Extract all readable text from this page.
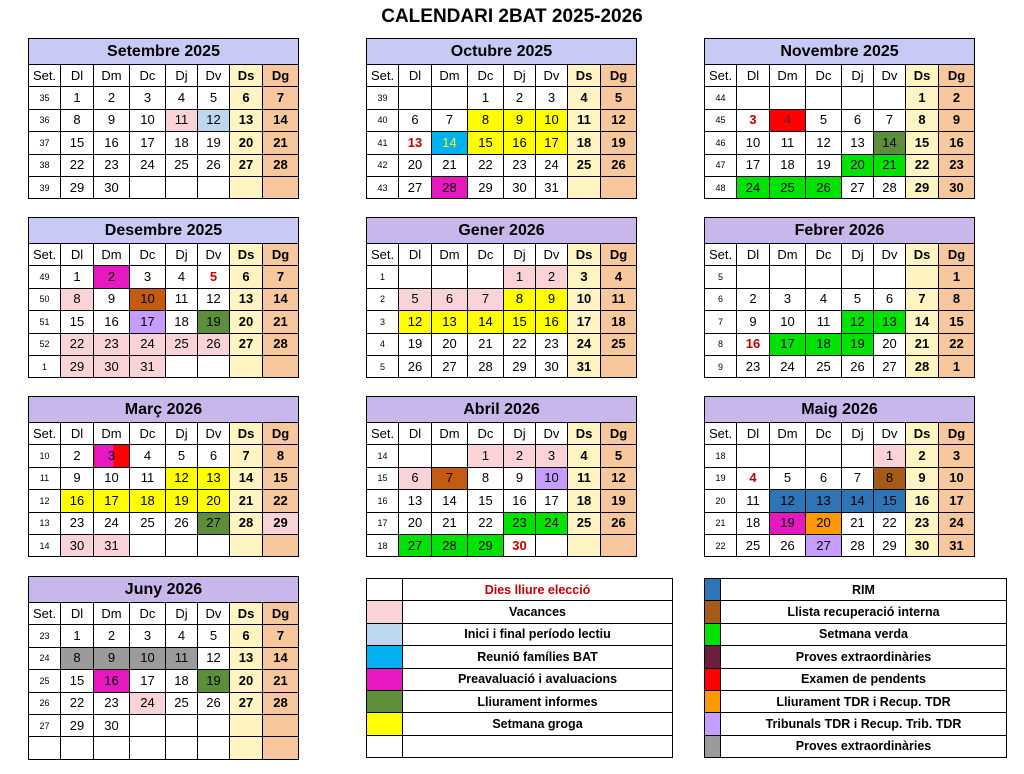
CALENDARI 2BAT 2025-2026
Setembre 2025							
Set.	Dl	Dm	Dc	Dj	Dv	Ds	Dg
35	1	2	3	4	5	6	7
36	8	9	10	11	12	13	14
37	15	16	17	18	19	20	21
38	22	23	24	25	26	27	28
39	29	30					
Octubre 2025							
Set.	Dl	Dm	Dc	Dj	Dv	Ds	Dg
39			1	2	3	4	5
40	6	7	8	9	10	11	12
41	13	14	15	16	17	18	19
42	20	21	22	23	24	25	26
43	27	28	29	30	31		
Novembre 2025							
Set.	Dl	Dm	Dc	Dj	Dv	Ds	Dg
44						1	2
45	3	4	5	6	7	8	9
46	10	11	12	13	14	15	16
47	17	18	19	20	21	22	23
48	24	25	26	27	28	29	30
Desembre 2025							
Set.	Dl	Dm	Dc	Dj	Dv	Ds	Dg
49	1	2	3	4	5	6	7
50	8	9	10	11	12	13	14
51	15	16	17	18	19	20	21
52	22	23	24	25	26	27	28
1	29	30	31				
Gener 2026							
Set.	Dl	Dm	Dc	Dj	Dv	Ds	Dg
1				1	2	3	4
2	5	6	7	8	9	10	11
3	12	13	14	15	16	17	18
4	19	20	21	22	23	24	25
5	26	27	28	29	30	31	
Febrer 2026							
Set.	Dl	Dm	Dc	Dj	Dv	Ds	Dg
5							1
6	2	3	4	5	6	7	8
7	9	10	11	12	13	14	15
8	16	17	18	19	20	21	22
9	23	24	25	26	27	28	1
Març 2026							
Set.	Dl	Dm	Dc	Dj	Dv	Ds	Dg
10	2	3	4	5	6	7	8
11	9	10	11	12	13	14	15
12	16	17	18	19	20	21	22
13	23	24	25	26	27	28	29
14	30	31					
Abril 2026							
Set.	Dl	Dm	Dc	Dj	Dv	Ds	Dg
14			1	2	3	4	5
15	6	7	8	9	10	11	12
16	13	14	15	16	17	18	19
17	20	21	22	23	24	25	26
18	27	28	29	30			
Maig 2026							
Set.	Dl	Dm	Dc	Dj	Dv	Ds	Dg
18					1	2	3
19	4	5	6	7	8	9	10
20	11	12	13	14	15	16	17
21	18	19	20	21	22	23	24
22	25	26	27	28	29	30	31
Juny 2026							
Set.	Dl	Dm	Dc	Dj	Dv	Ds	Dg
23	1	2	3	4	5	6	7
24	8	9	10	11	12	13	14
25	15	16	17	18	19	20	21
26	22	23	24	25	26	27	28
27	29	30					

	Dies lliure elecció
	Vacances
	Inici i final período lectiu
	Reunió famílies BAT
	Preavaluació i avaluacions
	Lliurament informes
	Setmana groga

	RIM
	Llista recuperació interna
	Setmana verda
	Proves extraordinàries
	Examen de pendents
	Lliurament TDR i Recup. TDR
	Tribunals TDR i Recup. Trib. TDR
	Proves extraordinàries
